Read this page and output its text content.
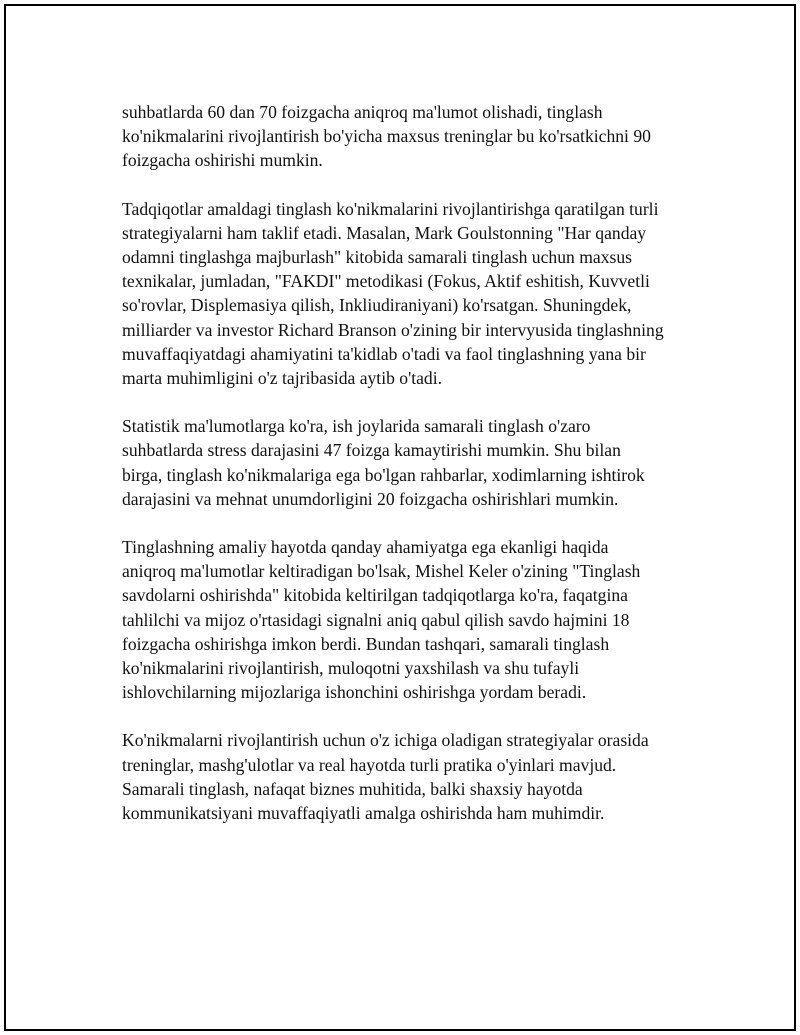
suhbatlarda 60 dan 70 foizgacha aniqroq ma'lumot olishadi, tinglash
ko'nikmalarini rivojlantirish bo'yicha maxsus treninglar bu ko'rsatkichni 90
foizgacha oshirishi mumkin.

Tadqiqotlar amaldagi tinglash ko'nikmalarini rivojlantirishga qaratilgan turli
strategiyalarni ham taklif etadi. Masalan, Mark Goulstonning "Har qanday
odamni tinglashga majburlash" kitobida samarali tinglash uchun maxsus
texnikalar, jumladan, "FAKDI" metodikasi (Fokus, Aktif eshitish, Kuvvetli
so'rovlar, Displemasiya qilish, Inkliudiraniyani) ko'rsatgan. Shuningdek,
milliarder va investor Richard Branson o'zining bir intervyusida tinglashning
muvaffaqiyatdagi ahamiyatini ta'kidlab o'tadi va faol tinglashning yana bir
marta muhimligini o'z tajribasida aytib o'tadi.

Statistik ma'lumotlarga ko'ra, ish joylarida samarali tinglash o'zaro
suhbatlarda stress darajasini 47 foizga kamaytirishi mumkin. Shu bilan
birga, tinglash ko'nikmalariga ega bo'lgan rahbarlar, xodimlarning ishtirok
darajasini va mehnat unumdorligini 20 foizgacha oshirishlari mumkin.

Tinglashning amaliy hayotda qanday ahamiyatga ega ekanligi haqida
aniqroq ma'lumotlar keltiradigan bo'lsak, Mishel Keler o'zining "Tinglash
savdolarni oshirishda" kitobida keltirilgan tadqiqotlarga ko'ra, faqatgina
tahlilchi va mijoz o'rtasidagi signalni aniq qabul qilish savdo hajmini 18
foizgacha oshirishga imkon berdi. Bundan tashqari, samarali tinglash
ko'nikmalarini rivojlantirish, muloqotni yaxshilash va shu tufayli
ishlovchilarning mijozlariga ishonchini oshirishga yordam beradi.

Ko'nikmalarni rivojlantirish uchun o'z ichiga oladigan strategiyalar orasida
treninglar, mashg'ulotlar va real hayotda turli pratika o'yinlari mavjud.
Samarali tinglash, nafaqat biznes muhitida, balki shaxsiy hayotda
kommunikatsiyani muvaffaqiyatli amalga oshirishda ham muhimdir.
